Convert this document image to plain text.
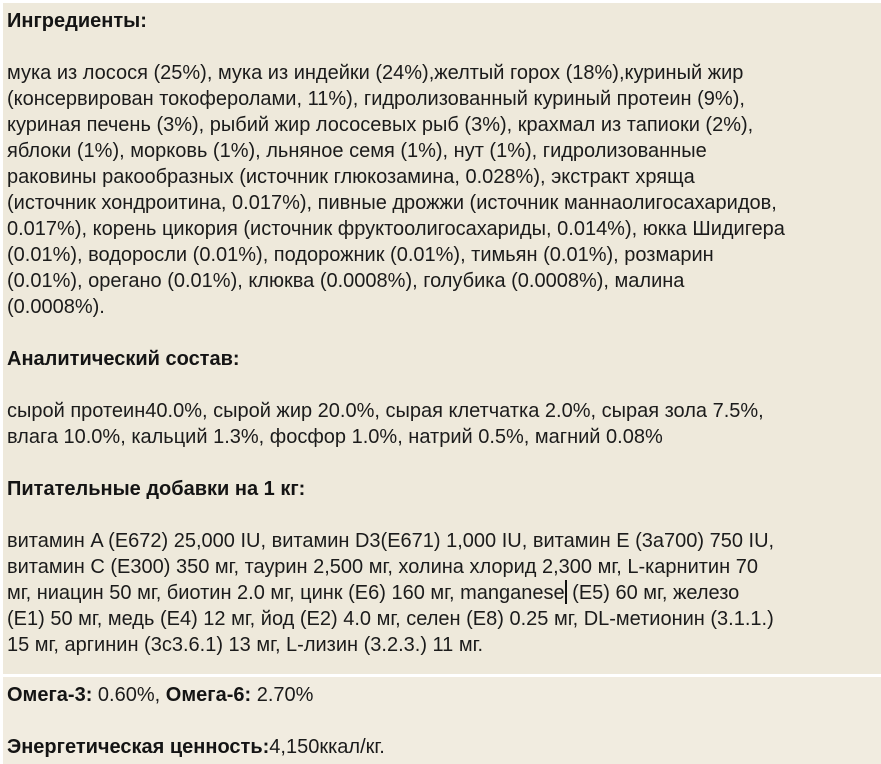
Ингредиенты:

мука из лосося (25%), мука из индейки (24%),желтый горох (18%),куриный жир
(консервирован токоферолами, 11%), гидролизованный куриный протеин (9%),
куриная печень (3%), рыбий жир лососевых рыб (3%), крахмал из тапиоки (2%),
яблоки (1%), морковь (1%), льняное семя (1%), нут (1%), гидролизованные
раковины ракообразных (источник глюкозамина, 0.028%), экстракт хряща
(источник хондроитина, 0.017%), пивные дрожжи (источник маннаолигосахаридов,
0.017%), корень цикория (источник фруктоолигосахариды, 0.014%), юкка Шидигера
(0.01%), водоросли (0.01%), подорожник (0.01%), тимьян (0.01%), розмарин
(0.01%), орегано (0.01%), клюква (0.0008%), голубика (0.0008%), малина
(0.0008%).

Аналитический состав:

сырой протеин40.0%, сырой жир 20.0%, сырая клетчатка 2.0%, сырая зола 7.5%,
влага 10.0%, кальций 1.3%, фосфор 1.0%, натрий 0.5%, магний 0.08%

Питательные добавки на 1 кг:

витамин A (Е672) 25,000 IU, витамин D3(Е671) 1,000 IU, витамин E (3a700) 750 IU,
витамин C (Е300) 350 мг, таурин 2,500 мг, холина хлорид 2,300 мг, L-карнитин 70
мг, ниацин 50 мг, биотин 2.0 мг, цинк (Е6) 160 мг, manganese (Е5) 60 мг, железо
(Е1) 50 мг, медь (Е4) 12 мг, йод (Е2) 4.0 мг, селен (Е8) 0.25 мг, DL-метионин (3.1.1.)
15 мг, аргинин (3c3.6.1) 13 мг, L-лизин (3.2.3.) 11 мг.

Омега-3: 0.60%, Омега-6: 2.70%

Энергетическая ценность:4,150ккал/кг.
